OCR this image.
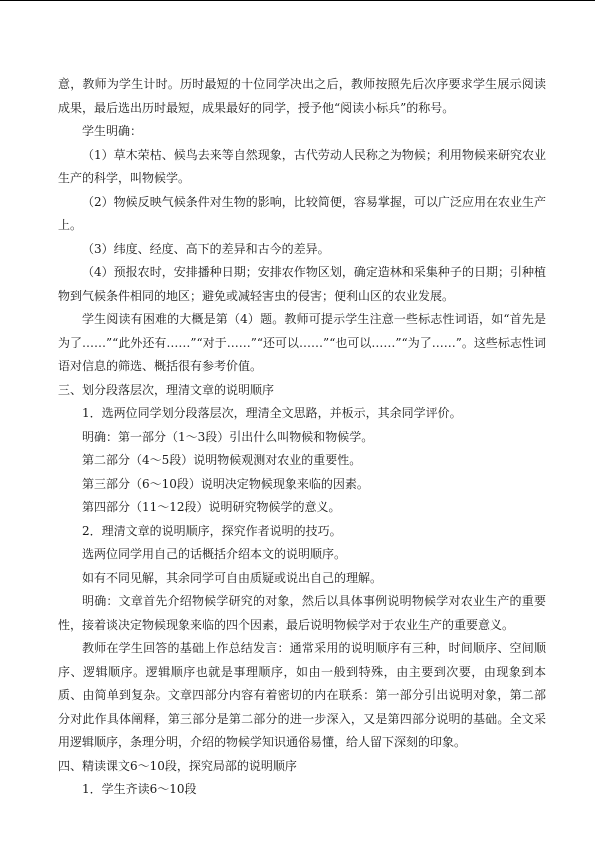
意，教师为学生计时。历时最短的十位同学决出之后，教师按照先后次序要求学生展示阅读成果，最后选出历时最短，成果最好的同学，授予他“阅读小标兵”的称号。

学生明确：

（1）草木荣枯、候鸟去来等自然现象，古代劳动人民称之为物候；利用物候来研究农业生产的科学，叫物候学。

（2）物候反映气候条件对生物的影响，比较简便，容易掌握，可以广泛应用在农业生产上。

（3）纬度、经度、高下的差异和古今的差异。

（4）预报农时，安排播种日期；安排农作物区划，确定造林和采集种子的日期；引种植物到气候条件相同的地区；避免或减轻害虫的侵害；便利山区的农业发展。

学生阅读有困难的大概是第（4）题。教师可提示学生注意一些标志性词语，如“首先是为了……”“此外还有……”“对于……”“还可以……”“也可以……”“为了……”。这些标志性词语对信息的筛选、概括很有参考价值。

三、划分段落层次，理清文章的说明顺序

1．选两位同学划分段落层次，理清全文思路，并板示，其余同学评价。

明确：第一部分（1～3段）引出什么叫物候和物候学。

第二部分（4～5段）说明物候观测对农业的重要性。

第三部分（6～10段）说明决定物候现象来临的因素。

第四部分（11～12段）说明研究物候学的意义。

2．理清文章的说明顺序，探究作者说明的技巧。

选两位同学用自己的话概括介绍本文的说明顺序。

如有不同见解，其余同学可自由质疑或说出自己的理解。

明确：文章首先介绍物候学研究的对象，然后以具体事例说明物候学对农业生产的重要性，接着谈决定物候现象来临的四个因素，最后说明物候学对于农业生产的重要意义。

教师在学生回答的基础上作总结发言：通常采用的说明顺序有三种，时间顺序、空间顺序、逻辑顺序。逻辑顺序也就是事理顺序，如由一般到特殊，由主要到次要，由现象到本质、由简单到复杂。文章四部分内容有着密切的内在联系：第一部分引出说明对象，第二部分对此作具体阐释，第三部分是第二部分的进一步深入，又是第四部分说明的基础。全文采用逻辑顺序，条理分明，介绍的物候学知识通俗易懂，给人留下深刻的印象。

四、精读课文6～10段，探究局部的说明顺序

1．学生齐读6～10段
